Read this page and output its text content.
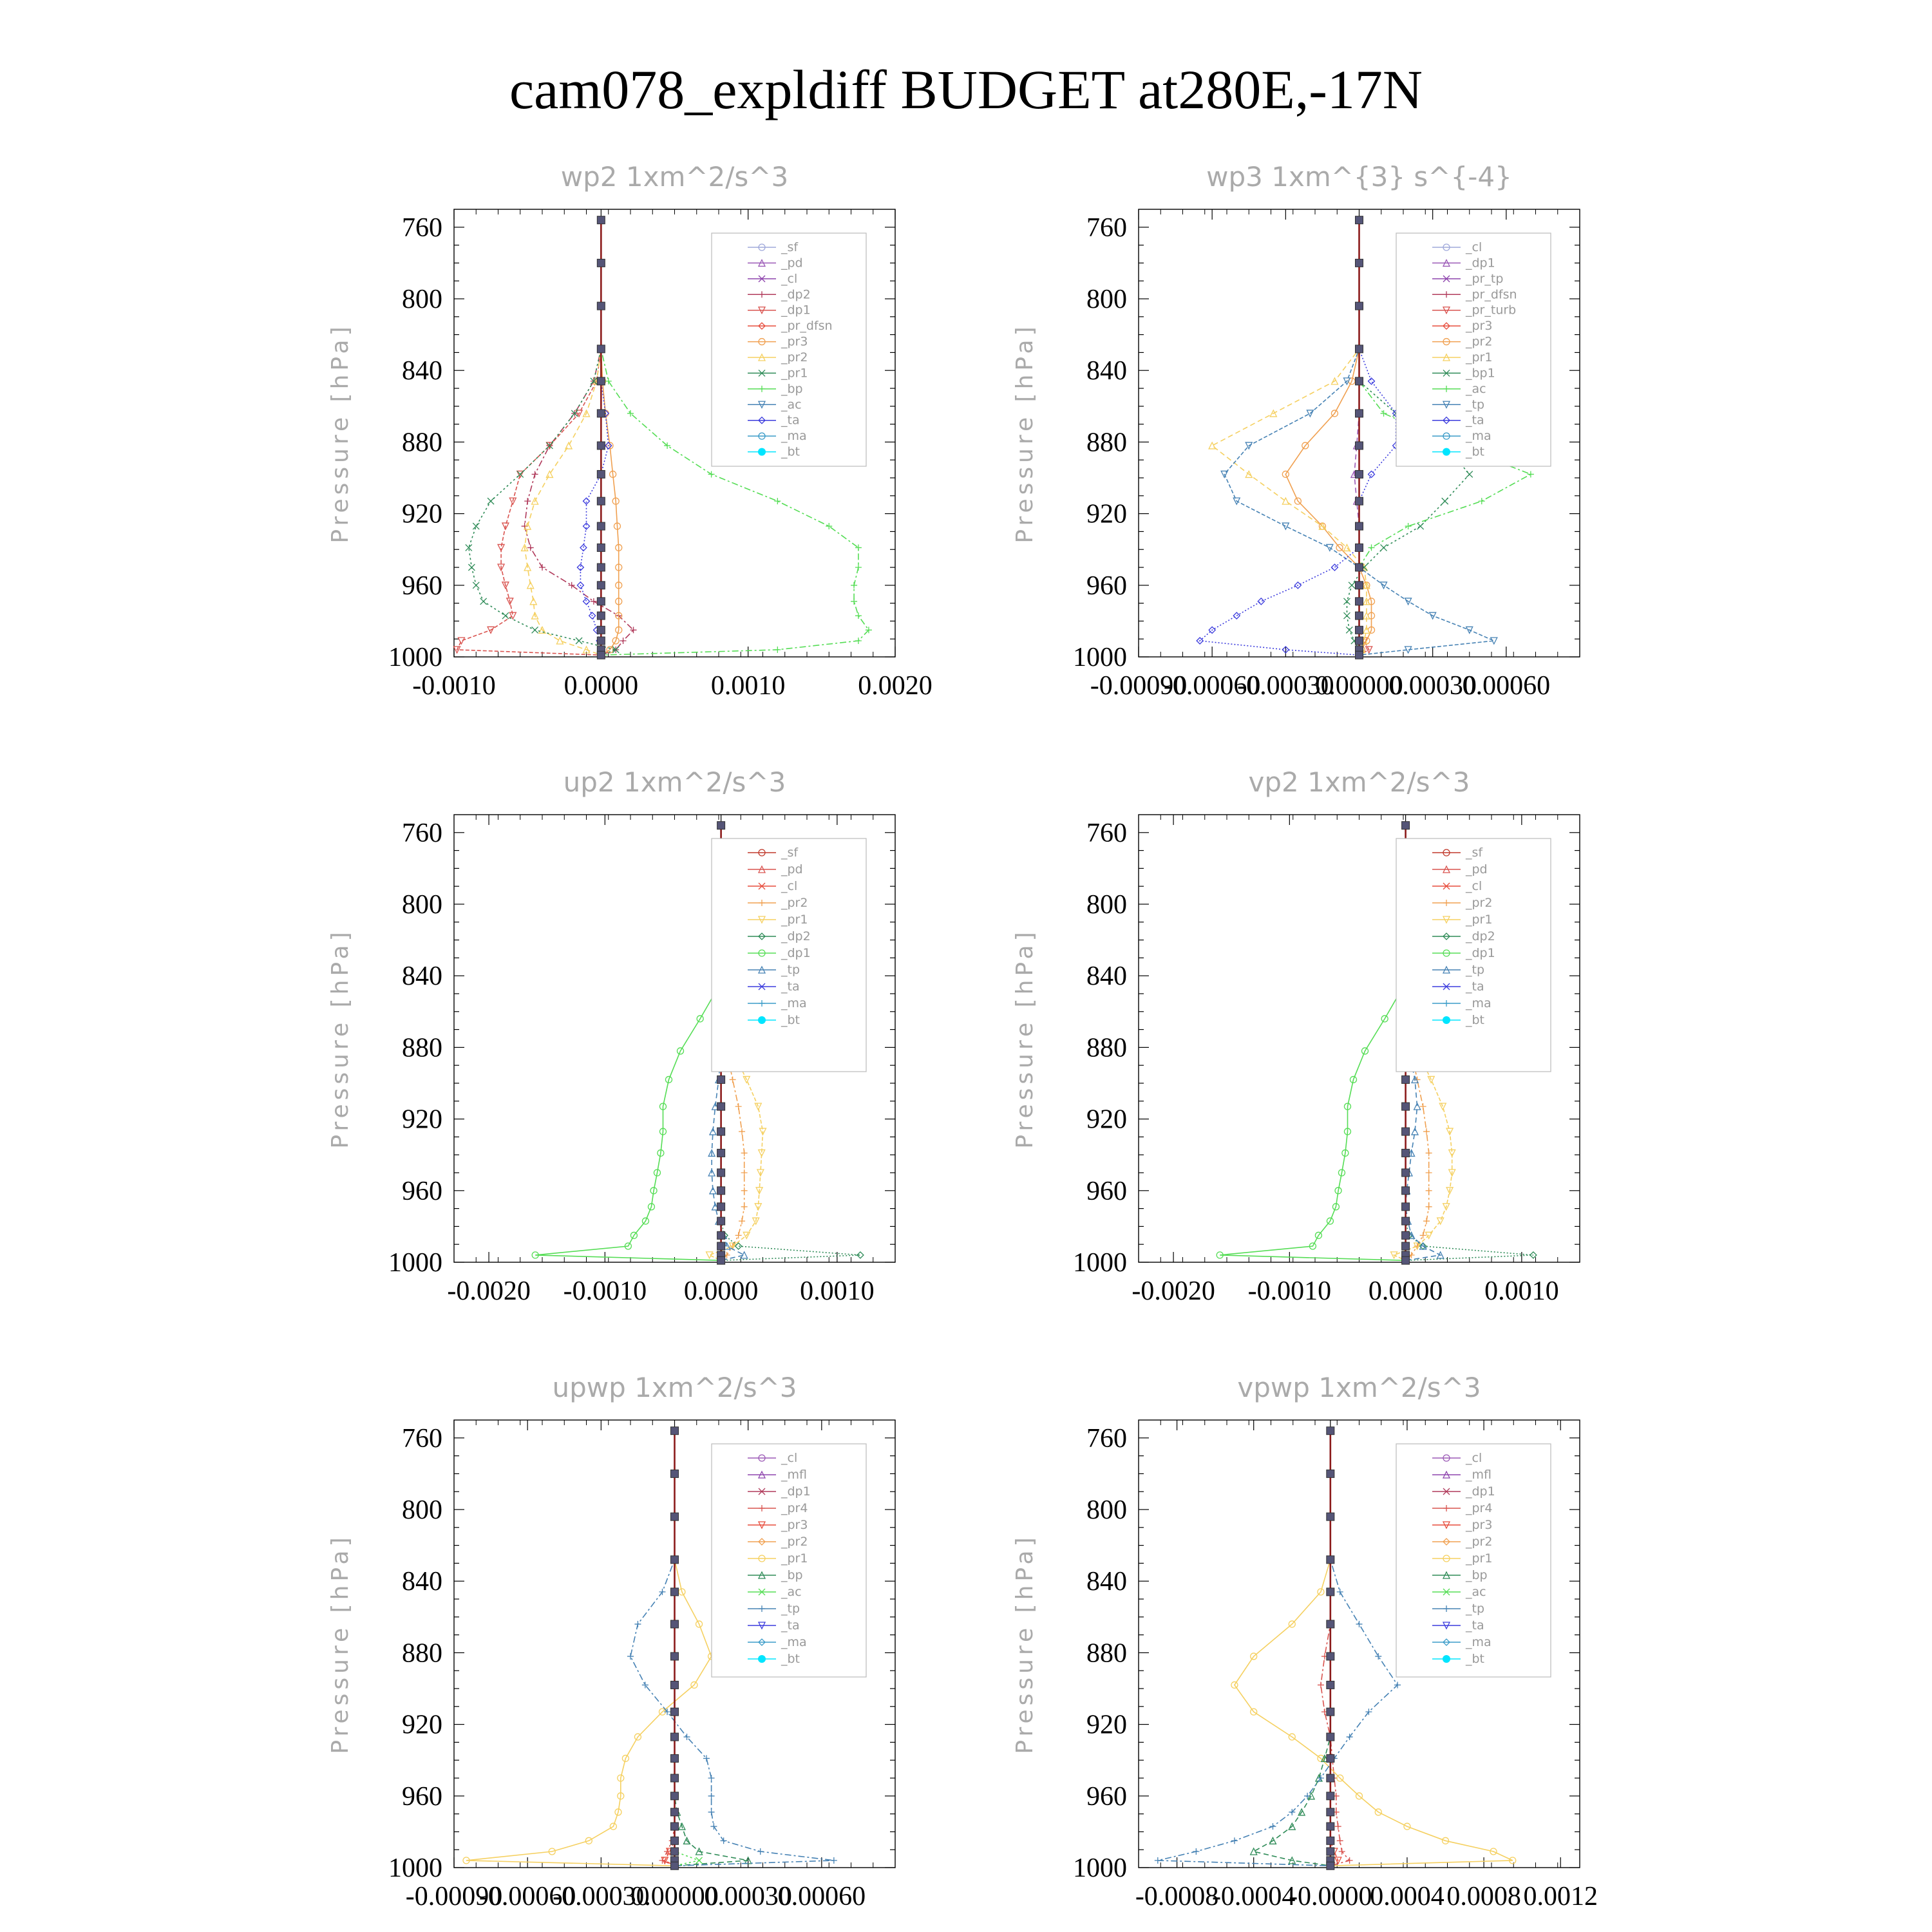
cam078_expldiff BUDGET at280E,-17N
wp2 1xm^2/s^3
Pressure [hPa]
760
800
840
880
920
960
1000
-0.0010	0.0000	0.0010	0.0020
_sf
_pd
_cl
_dp2
_dp1
_pr_dfsn
_pr3
_pr2
_pr1
_bp
_ac
_ta
_ma
_bt
wp3 1xm^{3} s^{-4}
Pressure [hPa]
760
800
840
880
920
960
1000
-0.00090
-0.00060
-0.00030
0.00000
0.00030
0.00060
_cl
_dp1
_pr_tp
_pr_dfsn
_pr_turb
_pr3
_pr2
_pr1
_bp1
_ac
_tp
_ta
_ma
_bt
up2 1xm^2/s^3
Pressure [hPa]
760
800
840
880
920
960
1000
-0.0020 -0.0010 0.0000 0.0010
_sf
_pd
_cl
_pr2
_pr1
_dp2
_dp1
_tp
_ta
_ma
_bt
vp2 1xm^2/s^3
Pressure [hPa]
760
800
840
880
920
960
1000
-0.0020 -0.0010 0.0000 0.0010
_sf
_pd
_cl
_pr2
_pr1
_dp2
_dp1
_tp
_ta
_ma
_bt
upwp 1xm^2/s^3
Pressure [hPa]
760
800
840
880
920
960
1000
-0.00090
-0.00060
-0.00030
0.00000
0.00030
0.00060
_cl
_mfl
_dp1
_pr4
_pr3
_pr2
_pr1
_bp
_ac
_tp
_ta
_ma
_bt
vpwp 1xm^2/s^3
Pressure [hPa]
760
800
840
880
920
960
1000
-0.0008
-0.0004
-0.0000
0.0004 0.0008 0.0012
_cl
_mfl
_dp1
_pr4
_pr3
_pr2
_pr1
_bp
_ac
_tp
_ta
_ma
_bt
